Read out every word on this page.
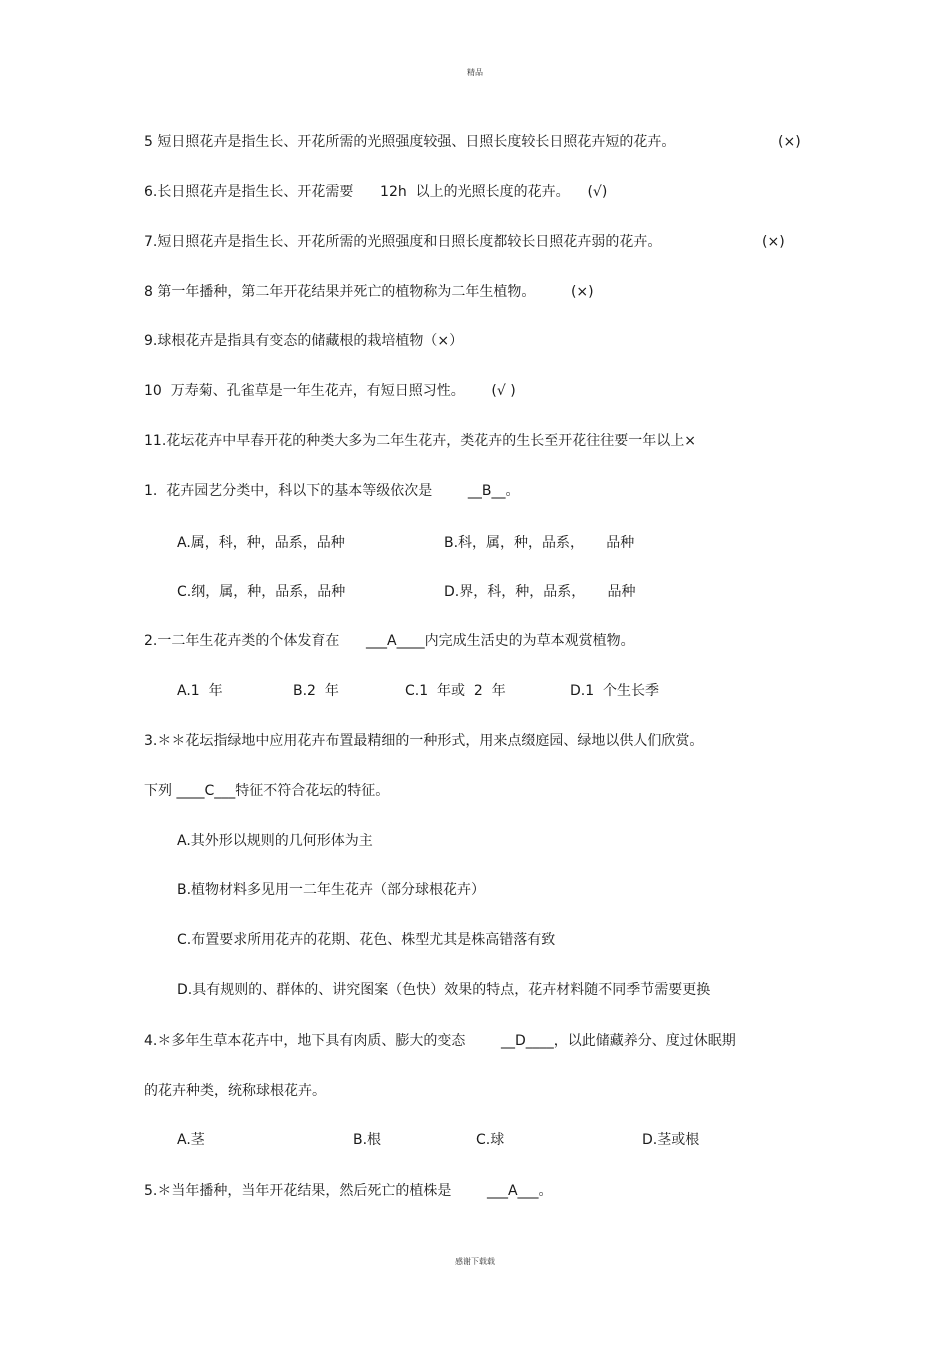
精品
5 短日照花卉是指生长、开花所需的光照强度较强、日照长度较长日照花卉短的花卉。	(×)
6.长日照花卉是指生长、开花需要      12h  以上的光照长度的花卉。    (√)
7.短日照花卉是指生长、开花所需的光照强度和日照长度都较长日照花卉弱的花卉。	(×)
8 第一年播种，第二年开花结果并死亡的植物称为二年生植物。        (×)
9.球根花卉是指具有变态的储藏根的栽培植物（×）
10  万寿菊、孔雀草是一年生花卉，有短日照习性。      (√ )
11.花坛花卉中早春开花的种类大多为二年生花卉，类花卉的生长至开花往往要一年以上×
1.  花卉园艺分类中，科以下的基本等级依次是        __B__。
A.属，科，种，品系，品种	B.科，属，种，品系，     品种
C.纲，属，种，品系，品种	D.界，科，种，品系，     品种
2.一二年生花卉类的个体发育在      ___A____内完成生活史的为草本观赏植物。
A.1  年	B.2  年	C.1  年或  2  年	D.1  个生长季
3.＊＊花坛指绿地中应用花卉布置最精细的一种形式，用来点缀庭园、绿地以供人们欣赏。
下列 ____C___特征不符合花坛的特征。
A.其外形以规则的几何形体为主
B.植物材料多见用一二年生花卉（部分球根花卉）
C.布置要求所用花卉的花期、花色、株型尤其是株高错落有致
D.具有规则的、群体的、讲究图案（色快）效果的特点，花卉材料随不同季节需要更换
4.＊多年生草本花卉中，地下具有肉质、膨大的变态        __D____，以此储藏养分、度过休眠期
的花卉种类，统称球根花卉。
A.茎	B.根	C.球	D.茎或根
5.＊当年播种，当年开花结果，然后死亡的植株是        ___A___。
感谢下载载
